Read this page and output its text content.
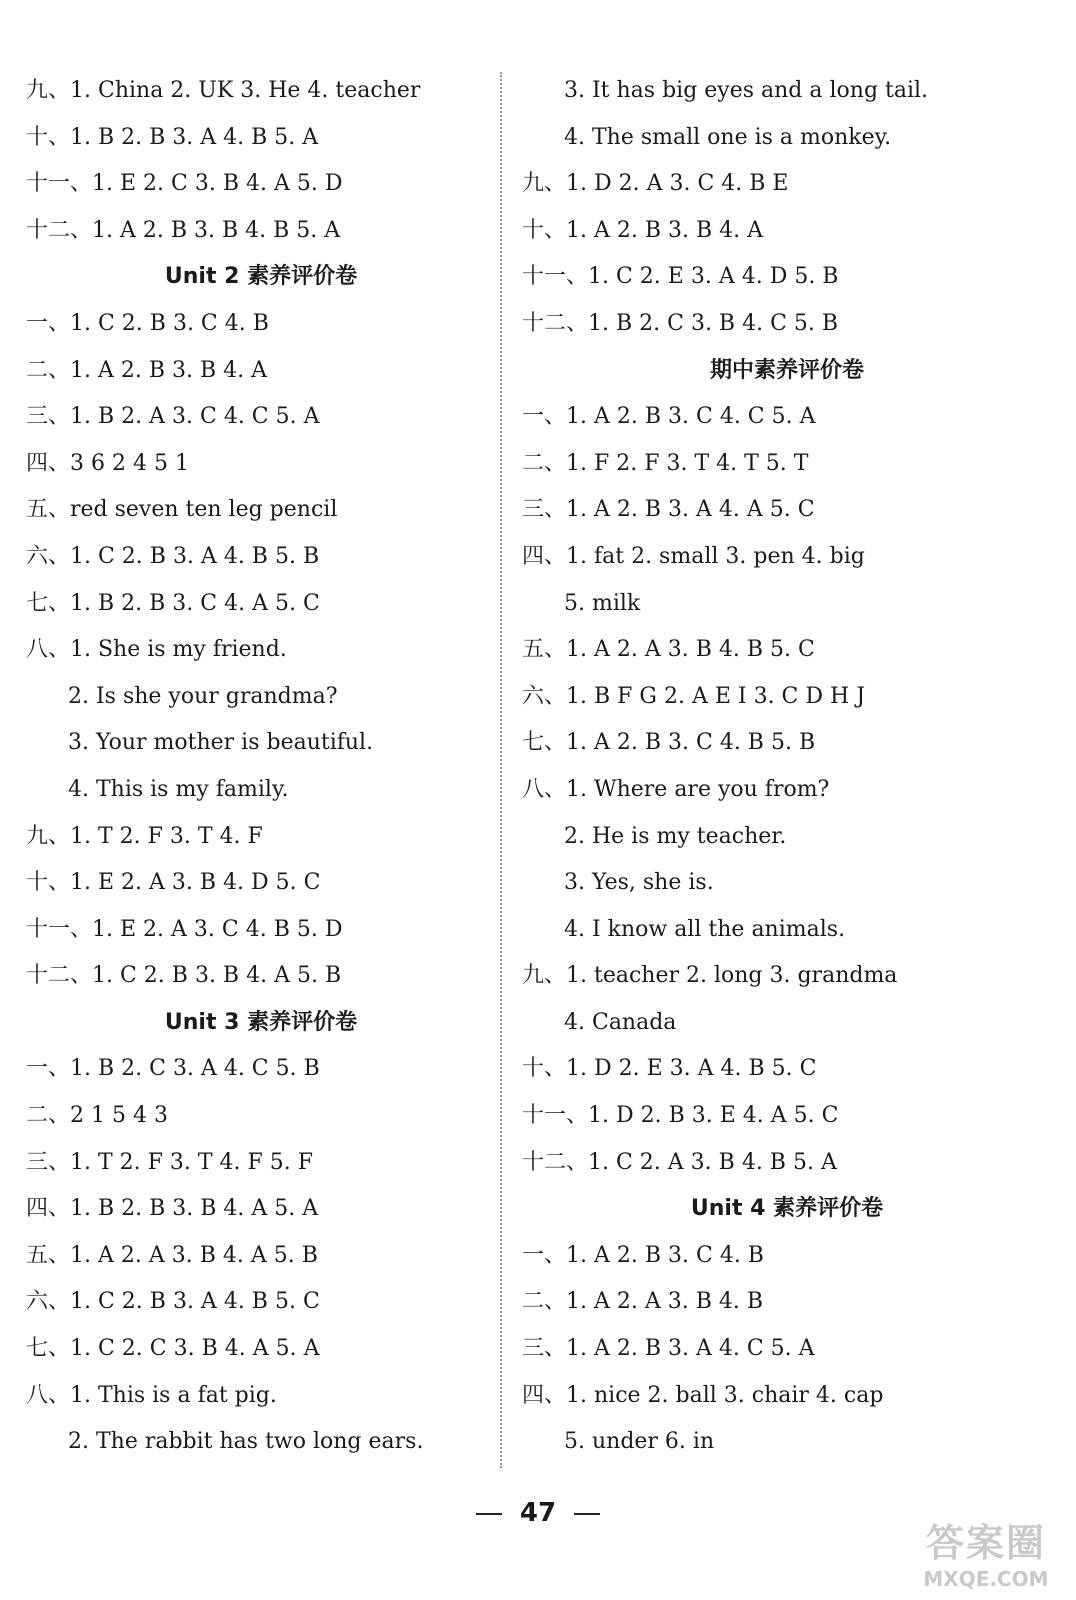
九、1. China 2. UK 3. He 4. teacher
十、1. B 2. B 3. A 4. B 5. A
十一、1. E 2. C 3. B 4. A 5. D
十二、1. A 2. B 3. B 4. B 5. A
Unit 2 素养评价卷
一、1. C 2. B 3. C 4. B
二、1. A 2. B 3. B 4. A
三、1. B 2. A 3. C 4. C 5. A
四、3 6 2 4 5 1
五、red seven ten leg pencil
六、1. C 2. B 3. A 4. B 5. B
七、1. B 2. B 3. C 4. A 5. C
八、1. She is my friend.
2. Is she your grandma?
3. Your mother is beautiful.
4. This is my family.
九、1. T 2. F 3. T 4. F
十、1. E 2. A 3. B 4. D 5. C
十一、1. E 2. A 3. C 4. B 5. D
十二、1. C 2. B 3. B 4. A 5. B
Unit 3 素养评价卷
一、1. B 2. C 3. A 4. C 5. B
二、2 1 5 4 3
三、1. T 2. F 3. T 4. F 5. F
四、1. B 2. B 3. B 4. A 5. A
五、1. A 2. A 3. B 4. A 5. B
六、1. C 2. B 3. A 4. B 5. C
七、1. C 2. C 3. B 4. A 5. A
八、1. This is a fat pig.
2. The rabbit has two long ears.
3. It has big eyes and a long tail.
4. The small one is a monkey.
九、1. D 2. A 3. C 4. B E
十、1. A 2. B 3. B 4. A
十一、1. C 2. E 3. A 4. D 5. B
十二、1. B 2. C 3. B 4. C 5. B
期中素养评价卷
一、1. A 2. B 3. C 4. C 5. A
二、1. F 2. F 3. T 4. T 5. T
三、1. A 2. B 3. A 4. A 5. C
四、1. fat 2. small 3. pen 4. big
5. milk
五、1. A 2. A 3. B 4. B 5. C
六、1. B F G 2. A E I 3. C D H J
七、1. A 2. B 3. C 4. B 5. B
八、1. Where are you from?
2. He is my teacher.
3. Yes, she is.
4. I know all the animals.
九、1. teacher 2. long 3. grandma
4. Canada
十、1. D 2. E 3. A 4. B 5. C
十一、1. D 2. B 3. E 4. A 5. C
十二、1. C 2. A 3. B 4. B 5. A
Unit 4 素养评价卷
一、1. A 2. B 3. C 4. B
二、1. A 2. A 3. B 4. B
三、1. A 2. B 3. A 4. C 5. A
四、1. nice 2. ball 3. chair 4. cap
5. under 6. in
47
答案圈
MXQE.COM
